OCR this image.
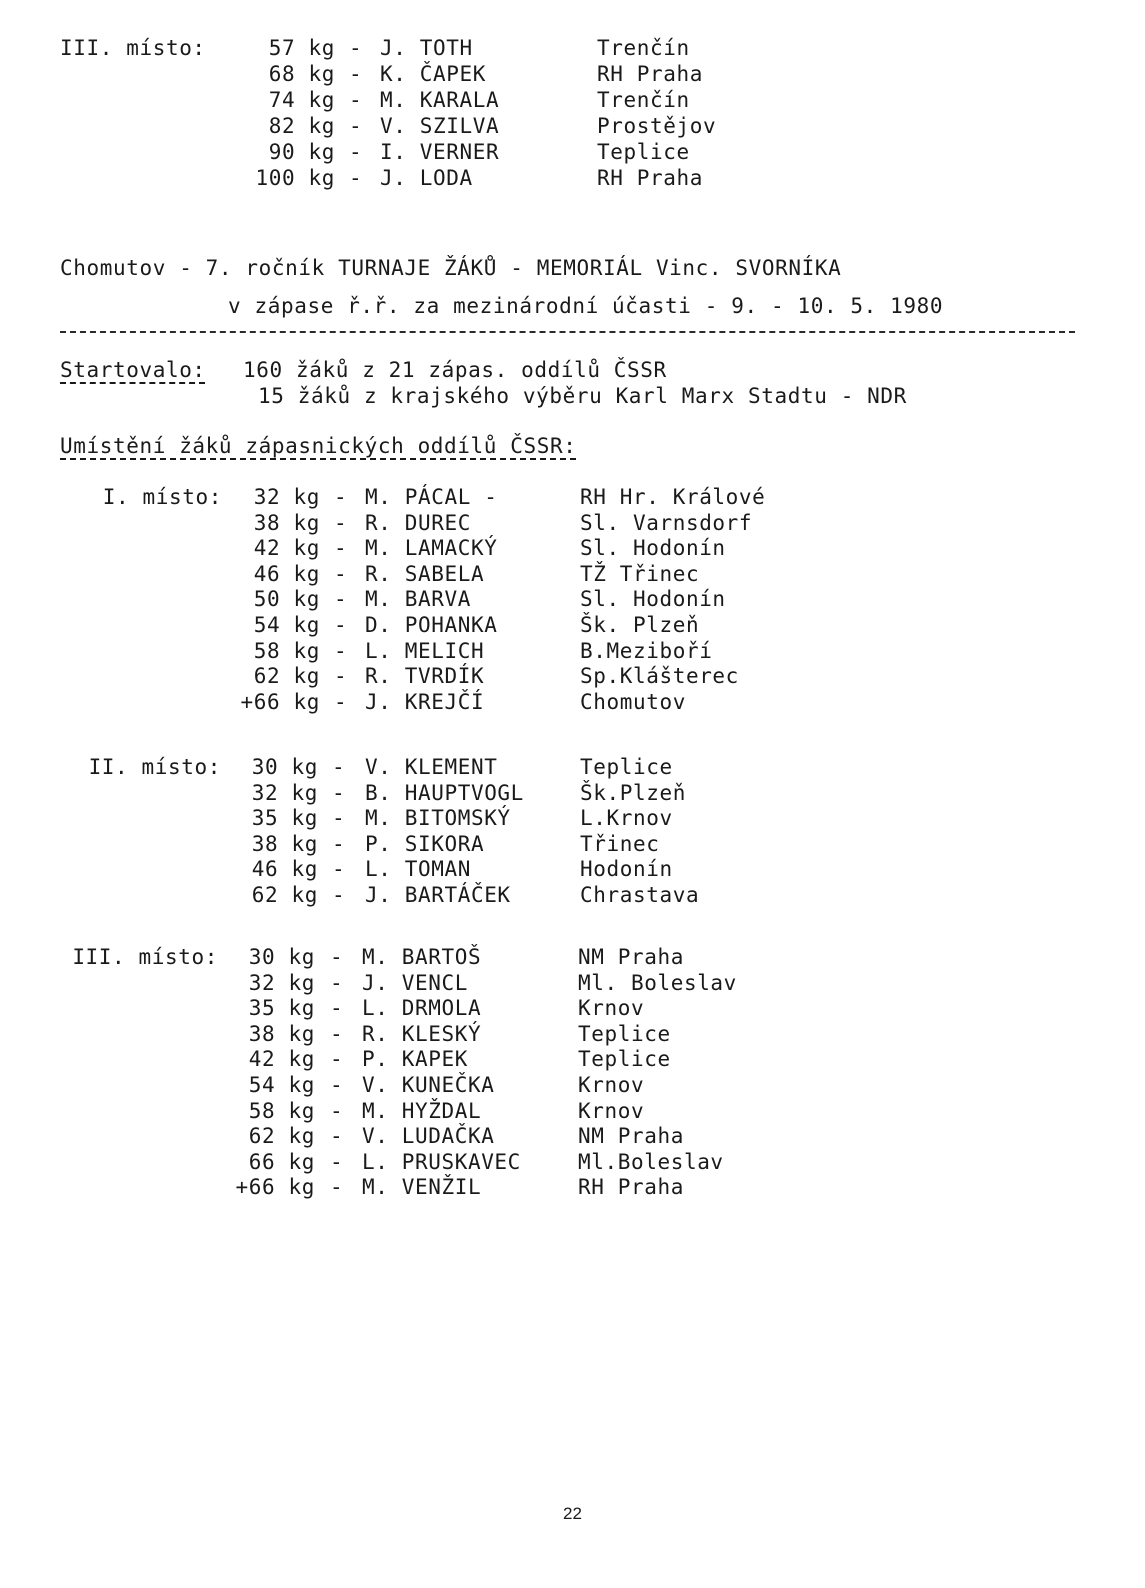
III. místo:	57 kg - J. TOTH	Trenčín
68 kg - K. ČAPEK	RH Praha
74 kg - M. KARALA	Trenčín
82 kg - V. SZILVA	Prostějov
90 kg - I. VERNER	Teplice
100 kg - J. LODA	RH Praha
Chomutov - 7. ročník TURNAJE ŽÁKŮ - MEMORIÁL Vinc. SVORNÍKA
v zápase ř.ř. za mezinárodní účasti - 9. - 10. 5. 1980
Startovalo: 160 žáků z 21 zápas. oddílů ČSSR
15 žáků z krajského výběru Karl Marx Stadtu - NDR
Umístění žáků zápasnických oddílů ČSSR:
I. místo: 32 kg - M. PÁCAL -	RH Hr. Králové
38 kg - R. DUREC	Sl. Varnsdorf
42 kg - M. LAMACKÝ	Sl. Hodonín
46 kg - R. SABELA	TŽ Třinec
50 kg - M. BARVA	Sl. Hodonín
54 kg - D. POHANKA	Šk. Plzeň
58 kg - L. MELICH	B.Meziboří
62 kg - R. TVRDÍK	Sp.Klášterec
+66 kg - J. KREJČÍ	Chomutov
II. místo: 30 kg - V. KLEMENT	Teplice
32 kg - B. HAUPTVOGL	Šk.Plzeň
35 kg - M. BITOMSKÝ	L.Krnov
38 kg - P. SIKORA	Třinec
46 kg - L. TOMAN	Hodonín
62 kg - J. BARTÁČEK	Chrastava
III. místo: 30 kg - M. BARTOŠ	NM Praha
32 kg - J. VENCL	Ml. Boleslav
35 kg - L. DRMOLA	Krnov
38 kg - R. KLESKÝ	Teplice
42 kg - P. KAPEK	Teplice
54 kg - V. KUNEČKA	Krnov
58 kg - M. HYŽDAL	Krnov
62 kg - V. LUDAČKA	NM Praha
66 kg - L. PRUSKAVEC	Ml.Boleslav
+66 kg - M. VENŽIL	RH Praha
22
